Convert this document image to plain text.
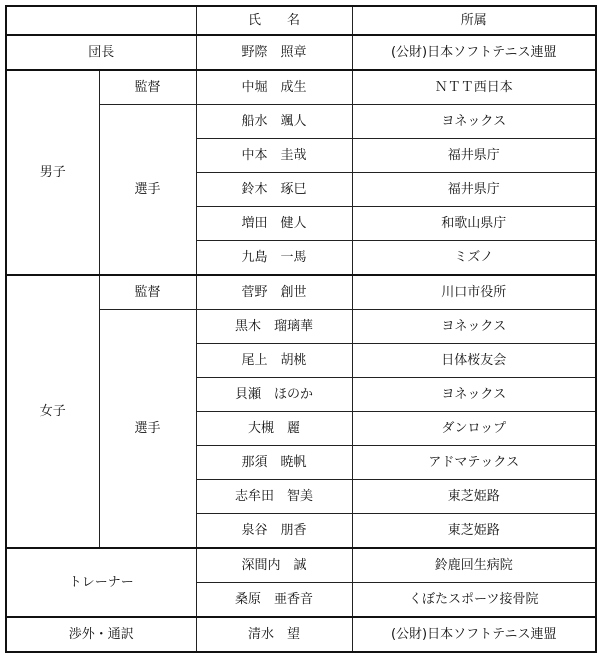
		氏　　名	所属
団長		野際　照章	(公財)日本ソフトテニス連盟
男子	監督	中堀　成生	ＮＴＴ西日本
	選手	船水　颯人	ヨネックス
		中本　圭哉	福井県庁
		鈴木　琢巳	福井県庁
		増田　健人	和歌山県庁
		九島　一馬	ミズノ
女子	監督	菅野　創世	川口市役所
	選手	黒木　瑠璃華	ヨネックス
		尾上　胡桃	日体桜友会
		貝瀬　ほのか	ヨネックス
		大槻　麗	ダンロップ
		那須　暁帆	アドマテックス
		志牟田　智美	東芝姫路
		泉谷　朋香	東芝姫路
トレーナー		深間内　誠	鈴鹿回生病院
		桑原　亜香音	くぼたスポーツ接骨院
渉外・通訳		清水　望	(公財)日本ソフトテニス連盟
